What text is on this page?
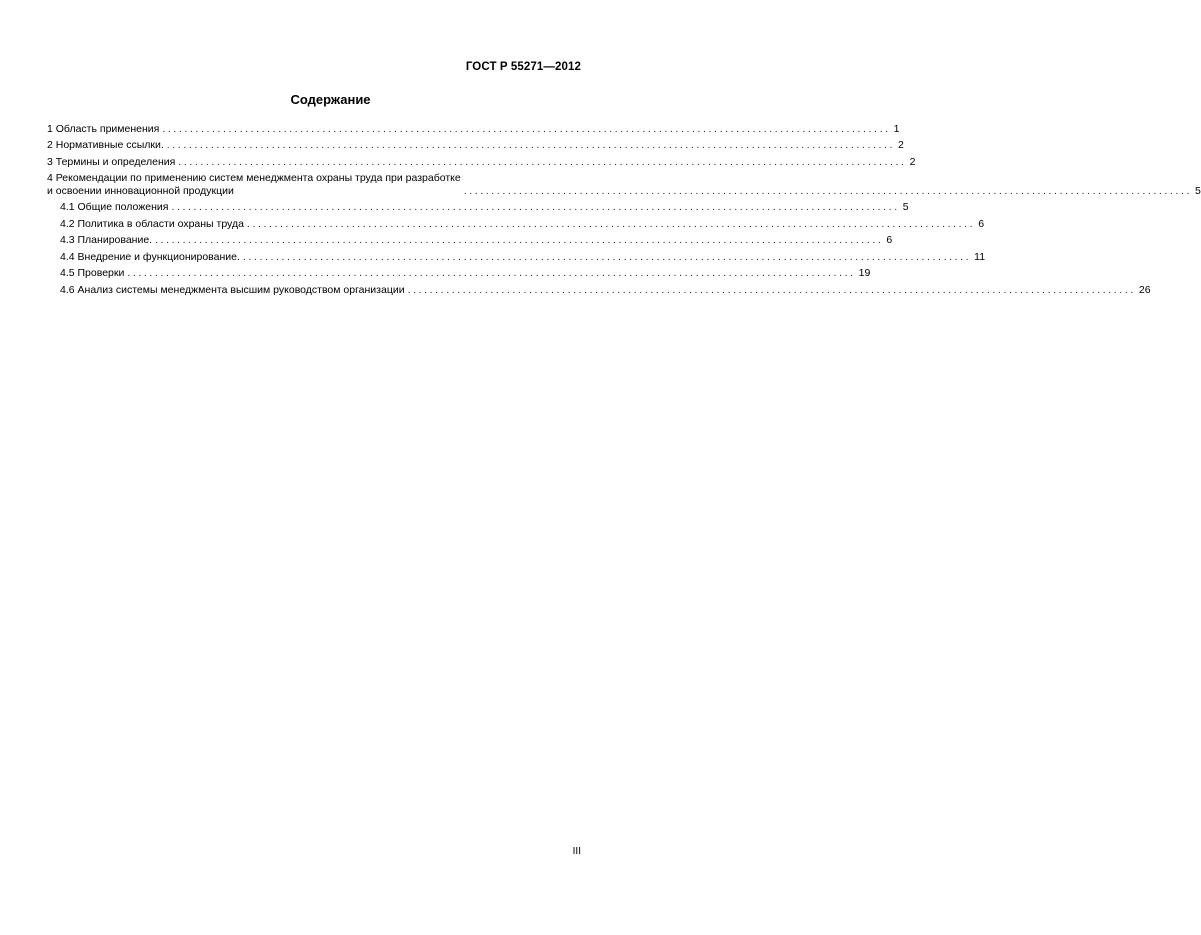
ГОСТ Р 55271—2012
Содержание
1 Область применения .................................................................................................................................... 1
2 Нормативные ссылки. .................................................................................................................................... 2
3 Термины и определения .................................................................................................................................... 2
4 Рекомендации по применению систем менеджмента охраны труда при разработке
и освоении инновационной продукции	.................................................................................................................................... 5
4.1 Общие положения .................................................................................................................................... 5
4.2 Политика в области охраны труда .................................................................................................................................... 6
4.3 Планирование. .................................................................................................................................... 6
4.4 Внедрение и функционирование. .................................................................................................................................... 11
4.5 Проверки .................................................................................................................................... 19
4.6 Анализ системы менеджмента высшим руководством организации .................................................................................................................................... 26
III
